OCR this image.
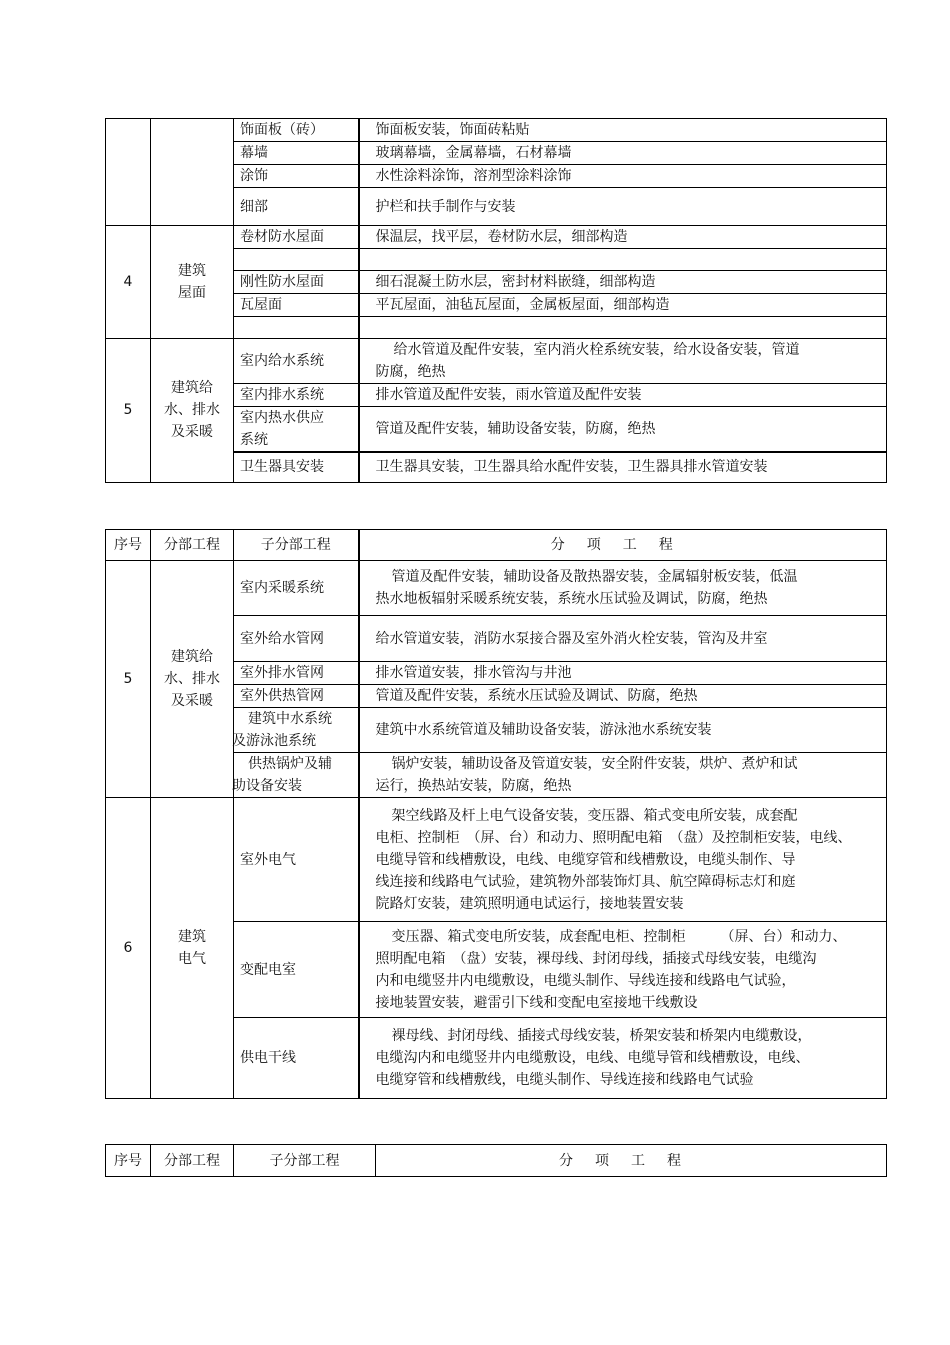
		饰面板（砖）	饰面板安装，饰面砖粘贴
		幕墙	玻璃幕墙，金属幕墙，石材幕墙
		涂饰	水性涂料涂饰，溶剂型涂料涂饰
		细部	护栏和扶手制作与安装
4	建筑
屋面	卷材防水屋面	保温层，找平层，卷材防水层，细部构造

		刚性防水屋面	细石混凝土防水层，密封材料嵌缝，细部构造
		瓦屋面	平瓦屋面，油毡瓦屋面，金属板屋面，细部构造

5	建筑给
水、排水
及采暖	室内给水系统	给水管道及配件安装，室内消火栓系统安装，给水设备安装，管道
防腐，绝热

		室内排水系统	排水管道及配件安装，雨水管道及配件安装

		室内热水供应
系统	管道及配件安装，辅助设备安装，防腐，绝热
		卫生器具安装	卫生器具安装，卫生器具给水配件安装，卫生器具排水管道安装
序号	分部工程	子分部工程	分项工程
5	建筑给
水、排水
及采暖	室内采暖系统	管道及配件安装，辅助设备及散热器安装，金属辐射板安装，低温
热水地板辐射采暖系统安装，系统水压试验及调试，防腐，绝热

		室外给水管网	给水管道安装，消防水泵接合器及室外消火栓安装，管沟及井室
		室外排水管网	排水管道安装，排水管沟与井池
		室外供热管网	管道及配件安装，系统水压试验及调试、防腐，绝热

		建筑中水系统
及游泳池系统	建筑中水系统管道及辅助设备安装，游泳池水系统安装

		供热锅炉及辅
助设备安装	锅炉安装，辅助设备及管道安装，安全附件安装，烘炉、煮炉和试
运行，换热站安装，防腐，绝热

6	建筑
电气	室外电气	架空线路及杆上电气设备安装，变压器、箱式变电所安装，成套配
电柜、控制柜　（屏、台）和动力、照明配电箱　（盘）及控制柜安装，电线、
电缆导管和线槽敷设，电线、电缆穿管和线槽敷设，电缆头制作、导
线连接和线路电气试验，建筑物外部装饰灯具、航空障碍标志灯和庭
院路灯安装，建筑照明通电试运行，接地装置安装

		变配电室	变压器、箱式变电所安装，成套配电柜、控制柜　　　（屏、台）和动力、
照明配电箱　（盘）安装，裸母线、封闭母线，插接式母线安装，电缆沟
内和电缆竖井内电缆敷设，电缆头制作、导线连接和线路电气试验，
接地装置安装，避雷引下线和变配电室接地干线敷设

		供电干线	裸母线、封闭母线、插接式母线安装，桥架安装和桥架内电缆敷设，
电缆沟内和电缆竖井内电缆敷设，电线、电缆导管和线槽敷设，电线、
电缆穿管和线槽敷线，电缆头制作、导线连接和线路电气试验
序号	分部工程	子分部工程	分项工程
